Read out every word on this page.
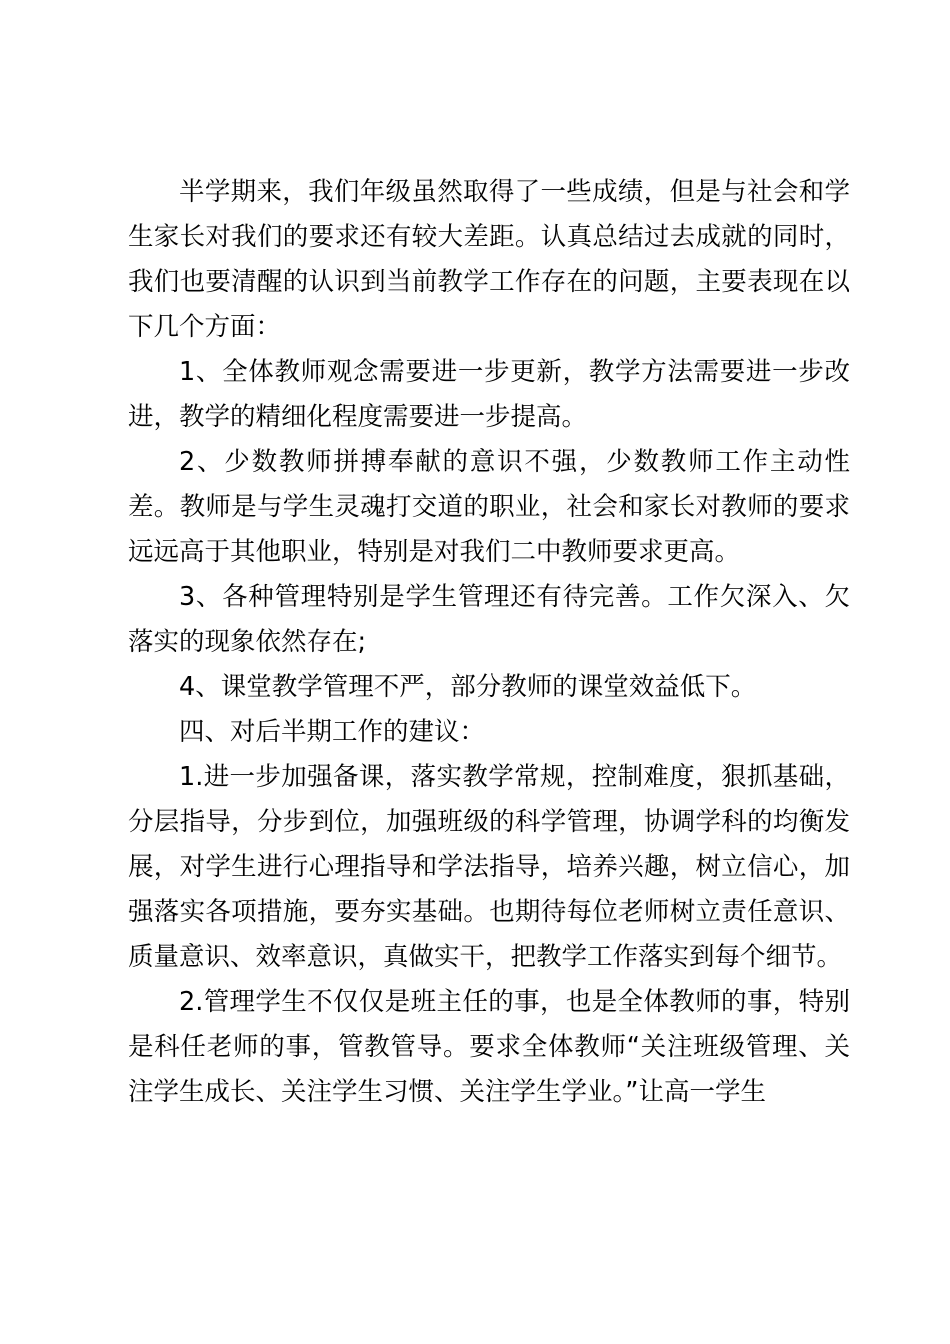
半学期来，我们年级虽然取得了一些成绩，但是与社会和学生家长对我们的要求还有较大差距。认真总结过去成就的同时，我们也要清醒的认识到当前教学工作存在的问题，主要表现在以下几个方面：

1、全体教师观念需要进一步更新，教学方法需要进一步改进，教学的精细化程度需要进一步提高。

2、少数教师拼搏奉献的意识不强，少数教师工作主动性差。教师是与学生灵魂打交道的职业，社会和家长对教师的要求远远高于其他职业，特别是对我们二中教师要求更高。

3、各种管理特别是学生管理还有待完善。工作欠深入、欠落实的现象依然存在;

4、课堂教学管理不严，部分教师的课堂效益低下。

四、对后半期工作的建议：

1.进一步加强备课，落实教学常规，控制难度，狠抓基础，分层指导，分步到位，加强班级的科学管理，协调学科的均衡发展，对学生进行心理指导和学法指导，培养兴趣，树立信心，加强落实各项措施，要夯实基础。也期待每位老师树立责任意识、质量意识、效率意识，真做实干，把教学工作落实到每个细节。

2.管理学生不仅仅是班主任的事，也是全体教师的事，特别是科任老师的事，管教管导。要求全体教师“关注班级管理、关注学生成长、关注学生习惯、关注学生学业。”让高一学生
